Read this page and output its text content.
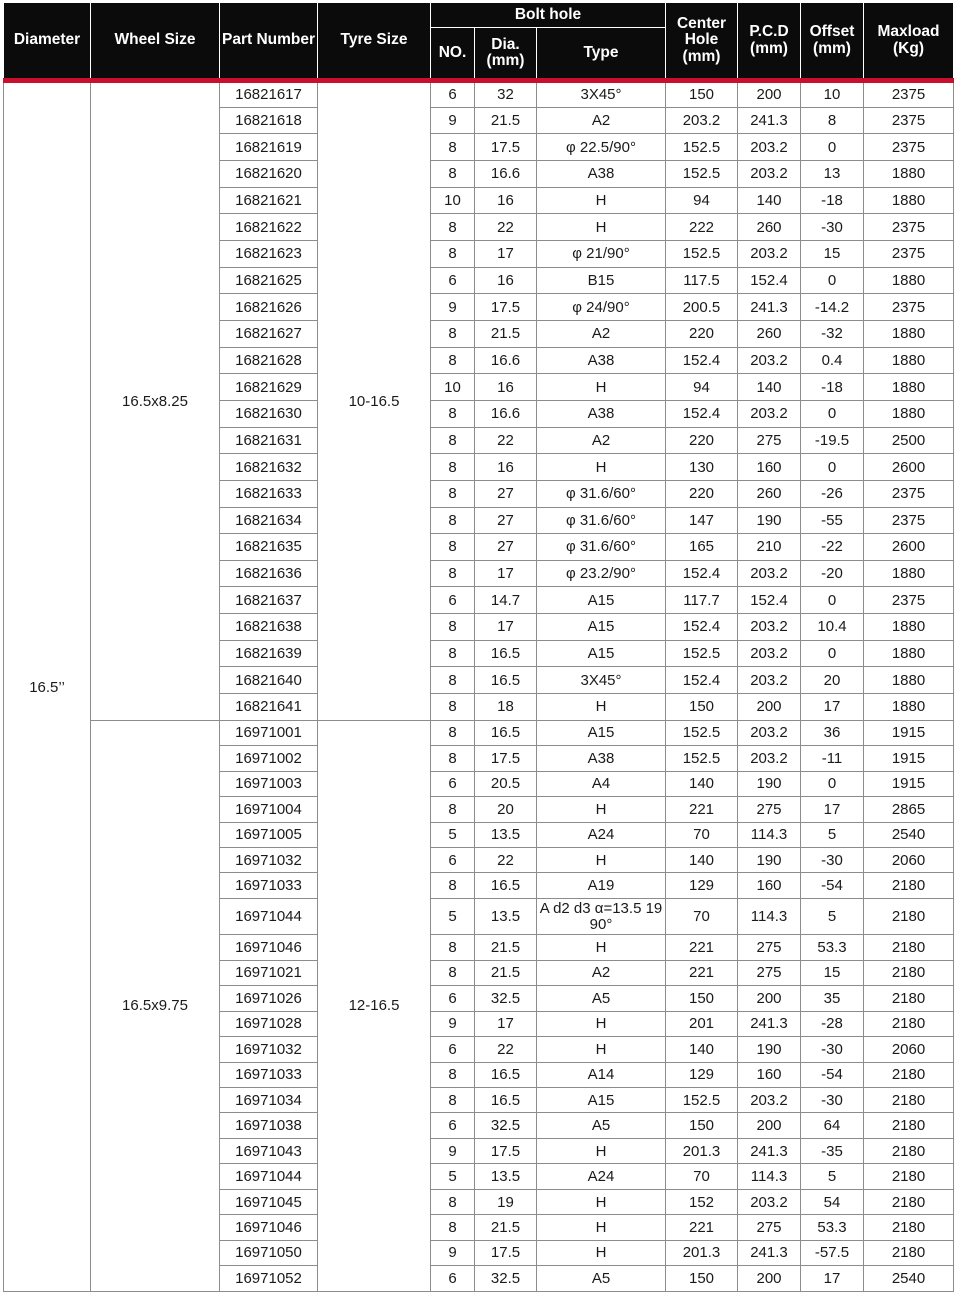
Diameter	Wheel Size	Part Number	Tyre Size	Bolt hole			Center Hole (mm)	P.C.D (mm)	Offset (mm)	Maxload (Kg)
				NO.	Dia. (mm)	Type				
16.5’’	16.5x8.25	16821617	10-16.5	6	32	3X45°	150	200	10	2375
		16821618		9	21.5	A2	203.2	241.3	8	2375
		16821619		8	17.5	φ 22.5/90°	152.5	203.2	0	2375
		16821620		8	16.6	A38	152.5	203.2	13	1880
		16821621		10	16	H	94	140	-18	1880
		16821622		8	22	H	222	260	-30	2375
		16821623		8	17	φ 21/90°	152.5	203.2	15	2375
		16821625		6	16	B15	117.5	152.4	0	1880
		16821626		9	17.5	φ 24/90°	200.5	241.3	-14.2	2375
		16821627		8	21.5	A2	220	260	-32	1880
		16821628		8	16.6	A38	152.4	203.2	0.4	1880
		16821629		10	16	H	94	140	-18	1880
		16821630		8	16.6	A38	152.4	203.2	0	1880
		16821631		8	22	A2	220	275	-19.5	2500
		16821632		8	16	H	130	160	0	2600
		16821633		8	27	φ 31.6/60°	220	260	-26	2375
		16821634		8	27	φ 31.6/60°	147	190	-55	2375
		16821635		8	27	φ 31.6/60°	165	210	-22	2600
		16821636		8	17	φ 23.2/90°	152.4	203.2	-20	1880
		16821637		6	14.7	A15	117.7	152.4	0	2375
		16821638		8	17	A15	152.4	203.2	10.4	1880
		16821639		8	16.5	A15	152.5	203.2	0	1880
		16821640		8	16.5	3X45°	152.4	203.2	20	1880
		16821641		8	18	H	150	200	17	1880
	16.5x9.75	16971001	12-16.5	8	16.5	A15	152.5	203.2	36	1915
		16971002		8	17.5	A38	152.5	203.2	-11	1915
		16971003		6	20.5	A4	140	190	0	1915
		16971004		8	20	H	221	275	17	2865
		16971005		5	13.5	A24	70	114.3	5	2540
		16971032		6	22	H	140	190	-30	2060
		16971033		8	16.5	A19	129	160	-54	2180
		16971044		5	13.5	A d2 d3 α=13.5 19 90°	70	114.3	5	2180
		16971046		8	21.5	H	221	275	53.3	2180
		16971021		8	21.5	A2	221	275	15	2180
		16971026		6	32.5	A5	150	200	35	2180
		16971028		9	17	H	201	241.3	-28	2180
		16971032		6	22	H	140	190	-30	2060
		16971033		8	16.5	A14	129	160	-54	2180
		16971034		8	16.5	A15	152.5	203.2	-30	2180
		16971038		6	32.5	A5	150	200	64	2180
		16971043		9	17.5	H	201.3	241.3	-35	2180
		16971044		5	13.5	A24	70	114.3	5	2180
		16971045		8	19	H	152	203.2	54	2180
		16971046		8	21.5	H	221	275	53.3	2180
		16971050		9	17.5	H	201.3	241.3	-57.5	2180
		16971052		6	32.5	A5	150	200	17	2540
